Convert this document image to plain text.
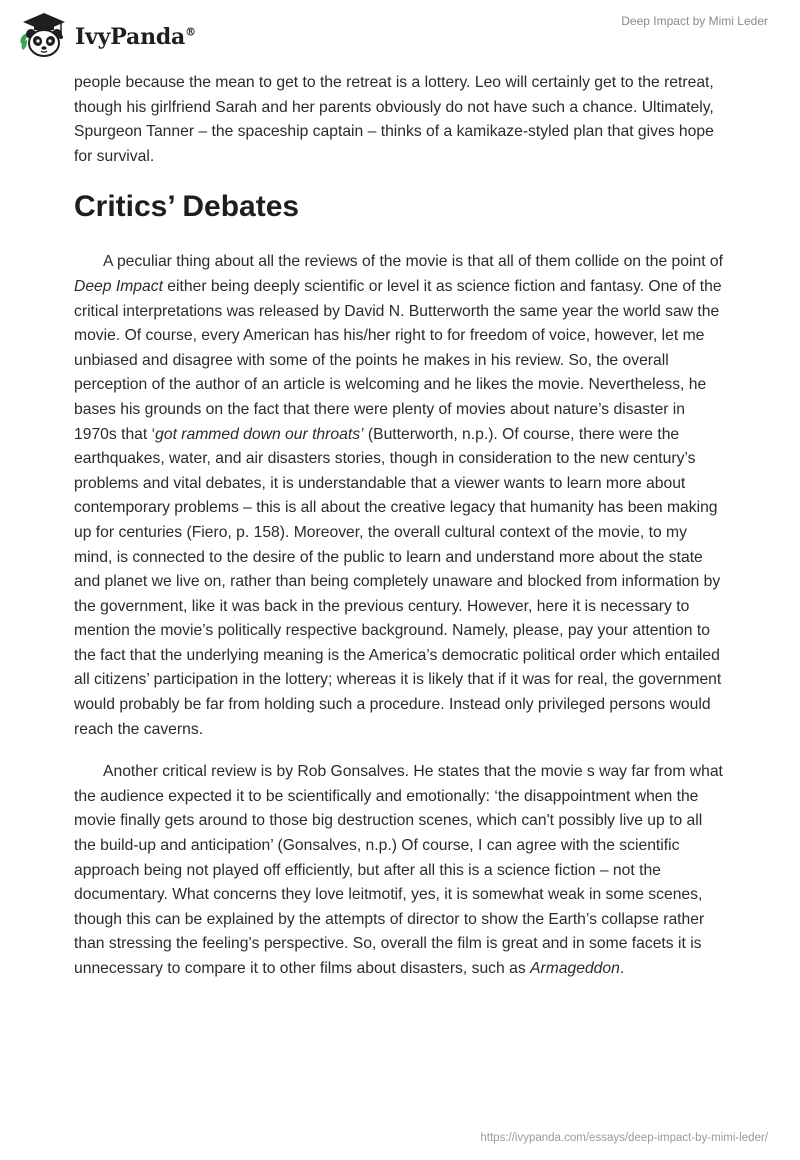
IvyPanda®
Deep Impact by Mimi Leder

people because the mean to get to the retreat is a lottery. Leo will certainly get to the retreat, though his girlfriend Sarah and her parents obviously do not have such a chance. Ultimately, Spurgeon Tanner – the spaceship captain – thinks of a kamikaze-styled plan that gives hope for survival.

Critics’ Debates

A peculiar thing about all the reviews of the movie is that all of them collide on the point of Deep Impact either being deeply scientific or level it as science fiction and fantasy. One of the critical interpretations was released by David N. Butterworth the same year the world saw the movie. Of course, every American has his/her right to for freedom of voice, however, let me unbiased and disagree with some of the points he makes in his review. So, the overall perception of the author of an article is welcoming and he likes the movie. Nevertheless, he bases his grounds on the fact that there were plenty of movies about nature’s disaster in 1970s that ‘got rammed down our throats’ (Butterworth, n.p.). Of course, there were the earthquakes, water, and air disasters stories, though in consideration to the new century’s problems and vital debates, it is understandable that a viewer wants to learn more about contemporary problems – this is all about the creative legacy that humanity has been making up for centuries (Fiero, p. 158). Moreover, the overall cultural context of the movie, to my mind, is connected to the desire of the public to learn and understand more about the state and planet we live on, rather than being completely unaware and blocked from information by the government, like it was back in the previous century. However, here it is necessary to mention the movie’s politically respective background. Namely, please, pay your attention to the fact that the underlying meaning is the America’s democratic political order which entailed all citizens’ participation in the lottery; whereas it is likely that if it was for real, the government would probably be far from holding such a procedure. Instead only privileged persons would reach the caverns.

Another critical review is by Rob Gonsalves. He states that the movie s way far from what the audience expected it to be scientifically and emotionally: ‘the disappointment when the movie finally gets around to those big destruction scenes, which can't possibly live up to all the build-up and anticipation’ (Gonsalves, n.p.) Of course, I can agree with the scientific approach being not played off efficiently, but after all this is a science fiction – not the documentary. What concerns they love leitmotif, yes, it is somewhat weak in some scenes, though this can be explained by the attempts of director to show the Earth’s collapse rather than stressing the feeling’s perspective. So, overall the film is great and in some facets it is unnecessary to compare it to other films about disasters, such as Armageddon.

https://ivypanda.com/essays/deep-impact-by-mimi-leder/
